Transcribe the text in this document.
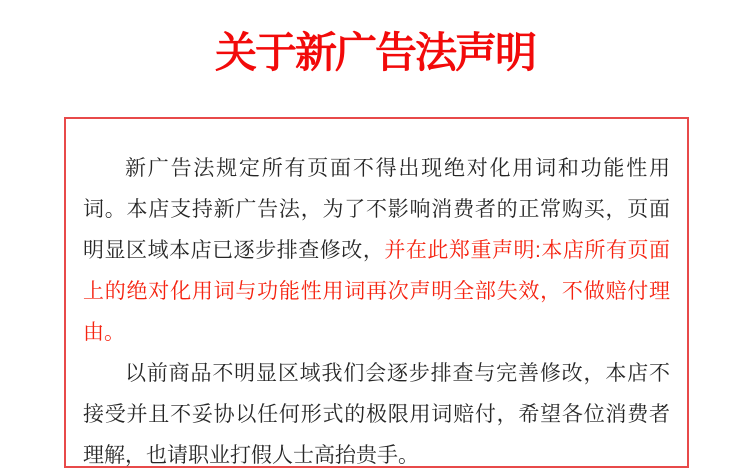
关于新广告法声明

新广告法规定所有页面不得出现绝对化用词和功能性用词。本店支持新广告法，为了不影响消费者的正常购买，页面明显区域本店已逐步排查修改，并在此郑重声明:本店所有页面上的绝对化用词与功能性用词再次声明全部失效，不做赔付理由。

以前商品不明显区域我们会逐步排查与完善修改，本店不接受并且不妥协以任何形式的极限用词赔付，希望各位消费者理解，也请职业打假人士高抬贵手。
